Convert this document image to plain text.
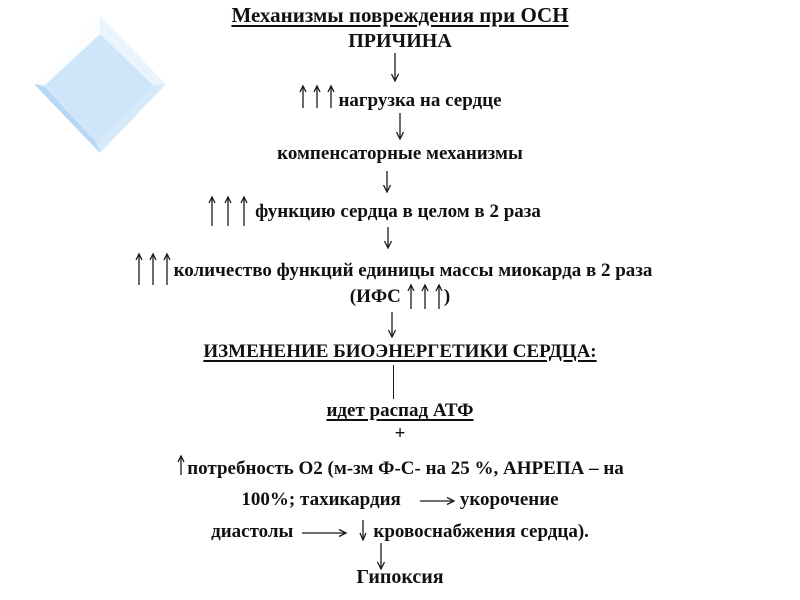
Механизмы повреждения при ОСН
ПРИЧИНА
нагрузка на сердце
компенсаторные механизмы
функцию сердца в целом в 2 раза
количество функций единицы массы миокарда в 2 раза
(ИФС )
ИЗМЕНЕНИЕ БИОЭНЕРГЕТИКИ СЕРДЦА:
идет распад АТФ
+
потребность О2 (м-зм Ф-С- на 25 %, АНРЕПА – на
100%; тахикардия	укорочение
диастолы	кровоснабжения сердца).
Гипоксия
